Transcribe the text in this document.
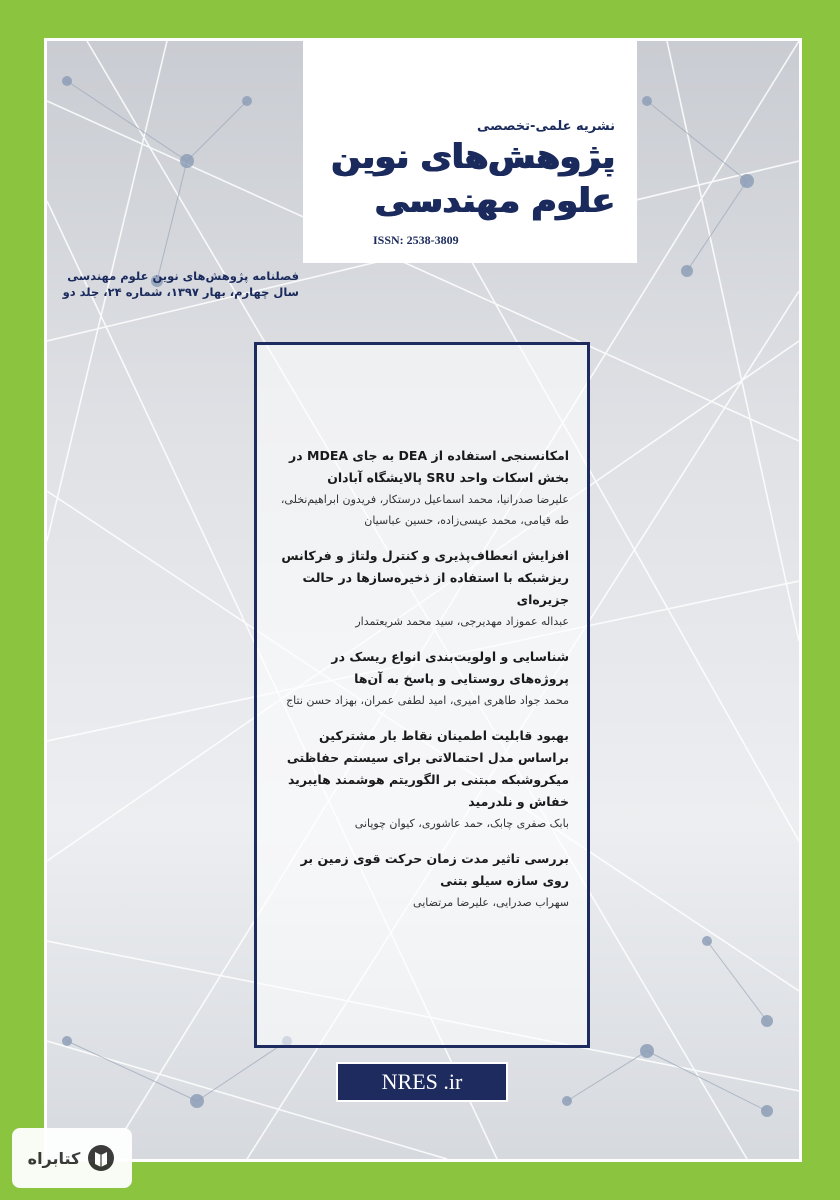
نشریه علمی-تخصصی
پژوهش‌های نوین
علوم مهندسی
ISSN: 2538-3809
فصلنامه پژوهش‌های نوین علوم مهندسی
سال چهارم، بهار ۱۳۹۷، شماره ۲۴، جلد دو
امکانسنجی استفاده از DEA به جای MDEA در بخش اسکات واحد SRU پالایشگاه آبادان
علیرضا صدرانیا، محمد اسماعیل درستکار، فریدون ابراهیم‌نخلی، طه قیامی، محمد عیسی‌زاده، حسین عباسیان
افزایش انعطاف‌پذیری و کنترل ولتاژ و فرکانس ریزشبکه با استفاده از ذخیره‌سازها در حالت جزیره‌ای
عبداله عموزاد مهدیرجی، سید محمد شریعتمدار
شناسایی و اولویت‌بندی انواع ریسک در پروژه‌های روستایی و پاسخ به آن‌ها
محمد جواد طاهری امیری، امید لطفی عمران، بهزاد حسن نتاج
بهبود قابلیت اطمینان نقاط بار مشترکین براساس مدل احتمالاتی برای سیستم حفاظتی میکروشبکه مبتنی بر الگوریتم هوشمند هایبرید خفاش و نلدرمید
بابک صفری چابک، حمد عاشوری، کیوان چوپانی
بررسی تاثیر مدت زمان حرکت قوی زمین بر روی سازه سیلو بتنی
سهراب صدرایی، علیرضا مرتضایی
NRES .ir
کتابراه
